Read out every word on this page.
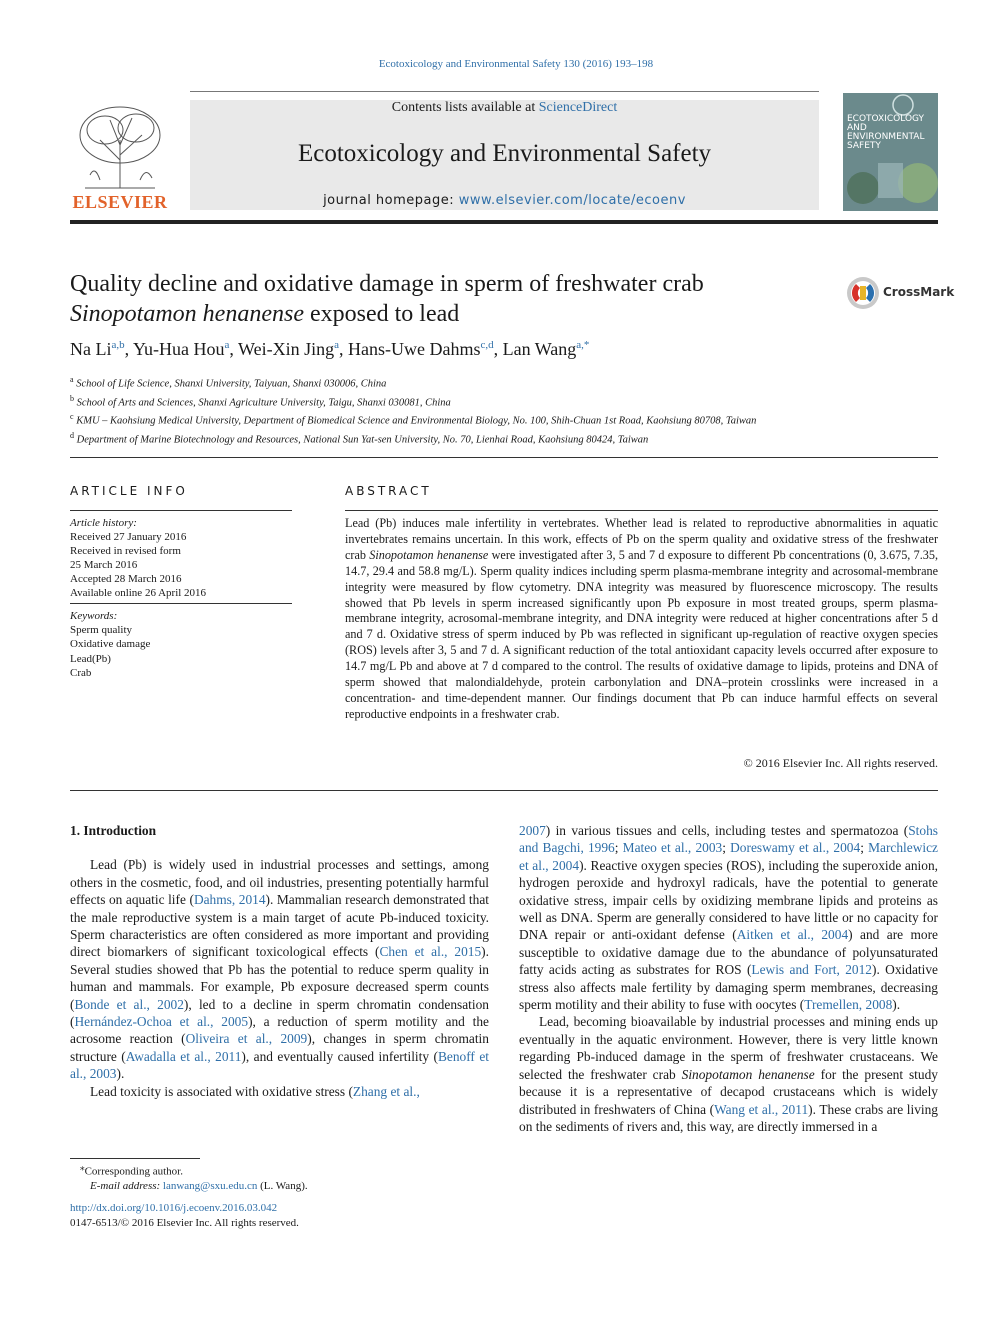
Ecotoxicology and Environmental Safety 130 (2016) 193–198
ELSEVIER
Contents lists available at ScienceDirect
Ecotoxicology and Environmental Safety
journal homepage: www.elsevier.com/locate/ecoenv
ECOTOXICOLOGY AND ENVIRONMENTAL SAFETY
Quality decline and oxidative damage in sperm of freshwater crab
Sinopotamon henanense exposed to lead
CrossMark
Na Li$^{a,b}$, Yu-Hua Hou$^a$, Wei-Xin Jing$^a$, Hans-Uwe Dahms$^{c,d}$, Lan Wang$^{a,*}$
$^a$ School of Life Science, Shanxi University, Taiyuan, Shanxi 030006, China
$^b$ School of Arts and Sciences, Shanxi Agriculture University, Taigu, Shanxi 030081, China
$^c$ KMU – Kaohsiung Medical University, Department of Biomedical Science and Environmental Biology, No. 100, Shih-Chuan 1st Road, Kaohsiung 80708, Taiwan
$^d$ Department of Marine Biotechnology and Resources, National Sun Yat-sen University, No. 70, Lienhai Road, Kaohsiung 80424, Taiwan
ARTICLE INFO
Article history:
Received 27 January 2016
Received in revised form
25 March 2016
Accepted 28 March 2016
Available online 26 April 2016
Keywords:
Sperm quality
Oxidative damage
Lead(Pb)
Crab
ABSTRACT
Lead (Pb) induces male infertility in vertebrates. Whether lead is related to reproductive abnormalities in aquatic invertebrates remains uncertain. In this work, effects of Pb on the sperm quality and oxidative stress of the freshwater crab Sinopotamon henanense were investigated after 3, 5 and 7 d exposure to different Pb concentrations (0, 3.675, 7.35, 14.7, 29.4 and 58.8 mg/L). Sperm quality indices including sperm plasma-membrane integrity and acrosomal-membrane integrity were measured by flow cytometry. DNA integrity was measured by fluorescence microscopy. The results showed that Pb levels in sperm increased significantly upon Pb exposure in most treated groups, sperm plasma-membrane integrity, acrosomal-membrane integrity, and DNA integrity were reduced at higher concentrations after 5 d and 7 d. Oxidative stress of sperm induced by Pb was reflected in significant up-regulation of reactive oxygen species (ROS) levels after 3, 5 and 7 d. A significant reduction of the total antioxidant capacity levels occurred after exposure to 14.7 mg/L Pb and above at 7 d compared to the control. The results of oxidative damage to lipids, proteins and DNA of sperm showed that malondialdehyde, protein carbonylation and DNA–protein crosslinks were increased in a concentration- and time-dependent manner. Our findings document that Pb can induce harmful effects on several reproductive endpoints in a freshwater crab.
© 2016 Elsevier Inc. All rights reserved.
1. Introduction

Lead (Pb) is widely used in industrial processes and settings, among others in the cosmetic, food, and oil industries, presenting potentially harmful effects on aquatic life (Dahms, 2014). Mammalian research demonstrated that the male reproductive system is a main target of acute Pb-induced toxicity. Sperm characteristics are often considered as more important and providing direct biomarkers of significant toxicological effects (Chen et al., 2015). Several studies showed that Pb has the potential to reduce sperm quality in human and mammals. For example, Pb exposure decreased sperm counts (Bonde et al., 2002), led to a decline in sperm chromatin condensation (Hernández-Ochoa et al., 2005), a reduction of sperm motility and the acrosome reaction (Oliveira et al., 2009), changes in sperm chromatin structure (Awadalla et al., 2011), and eventually caused infertility (Benoff et al., 2003).

Lead toxicity is associated with oxidative stress (Zhang et al.,

⁎Corresponding author.
E-mail address: lanwang@sxu.edu.cn (L. Wang).
http://dx.doi.org/10.1016/j.ecoenv.2016.03.042
0147-6513/© 2016 Elsevier Inc. All rights reserved.

2007) in various tissues and cells, including testes and spermatozoa (Stohs and Bagchi, 1996; Mateo et al., 2003; Doreswamy et al., 2004; Marchlewicz et al., 2004). Reactive oxygen species (ROS), including the superoxide anion, hydrogen peroxide and hydroxyl radicals, have the potential to generate oxidative stress, impair cells by oxidizing membrane lipids and proteins as well as DNA. Sperm are generally considered to have little or no capacity for DNA repair or anti-oxidant defense (Aitken et al., 2004) and are more susceptible to oxidative damage due to the abundance of polyunsaturated fatty acids acting as substrates for ROS (Lewis and Fort, 2012). Oxidative stress also affects male fertility by damaging sperm membranes, decreasing sperm motility and their ability to fuse with oocytes (Tremellen, 2008).

Lead, becoming bioavailable by industrial processes and mining ends up eventually in the aquatic environment. However, there is very little known regarding Pb-induced damage in the sperm of freshwater crustaceans. We selected the freshwater crab Sinopotamon henanense for the present study because it is a representative of decapod crustaceans which is widely distributed in freshwaters of China (Wang et al., 2011). These crabs are living on the sediments of rivers and, this way, are directly immersed in a
